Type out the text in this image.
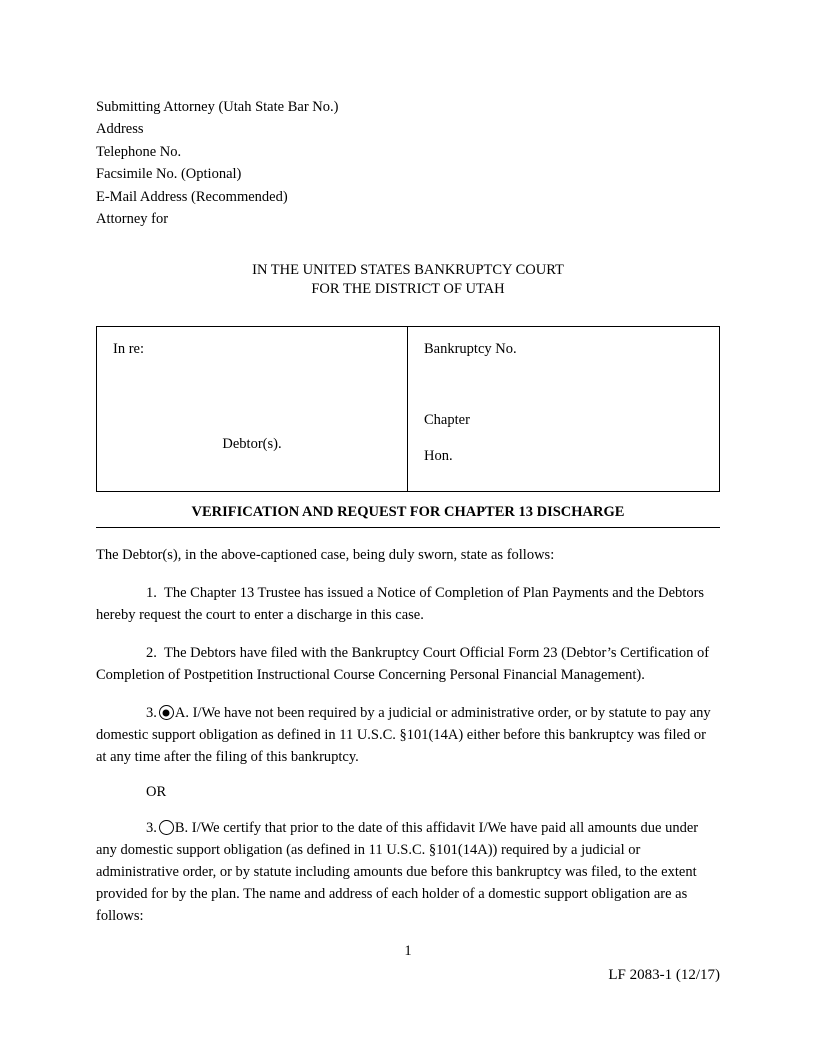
Submitting Attorney (Utah State Bar No.)
Address
Telephone No.
Facsimile No. (Optional)
E-Mail Address (Recommended)
Attorney for
IN THE UNITED STATES BANKRUPTCY COURT
FOR THE DISTRICT OF UTAH
In re:
Debtor(s).
Bankruptcy No.
Chapter
Hon.
VERIFICATION AND REQUEST FOR CHAPTER 13 DISCHARGE
The Debtor(s), in the above-captioned case, being duly sworn, state as follows:
1. The Chapter 13 Trustee has issued a Notice of Completion of Plan Payments and the Debtors hereby request the court to enter a discharge in this case.
2. The Debtors have filed with the Bankruptcy Court Official Form 23 (Debtor’s Certification of Completion of Postpetition Instructional Course Concerning Personal Financial Management).
3. A. I/We have not been required by a judicial or administrative order, or by statute to pay any domestic support obligation as defined in 11 U.S.C. §101(14A) either before this bankruptcy was filed or at any time after the filing of this bankruptcy.
OR
3. B. I/We certify that prior to the date of this affidavit I/We have paid all amounts due under any domestic support obligation (as defined in 11 U.S.C. §101(14A)) required by a judicial or administrative order, or by statute including amounts due before this bankruptcy was filed, to the extent provided for by the plan. The name and address of each holder of a domestic support obligation are as follows:
1
LF 2083-1 (12/17)
